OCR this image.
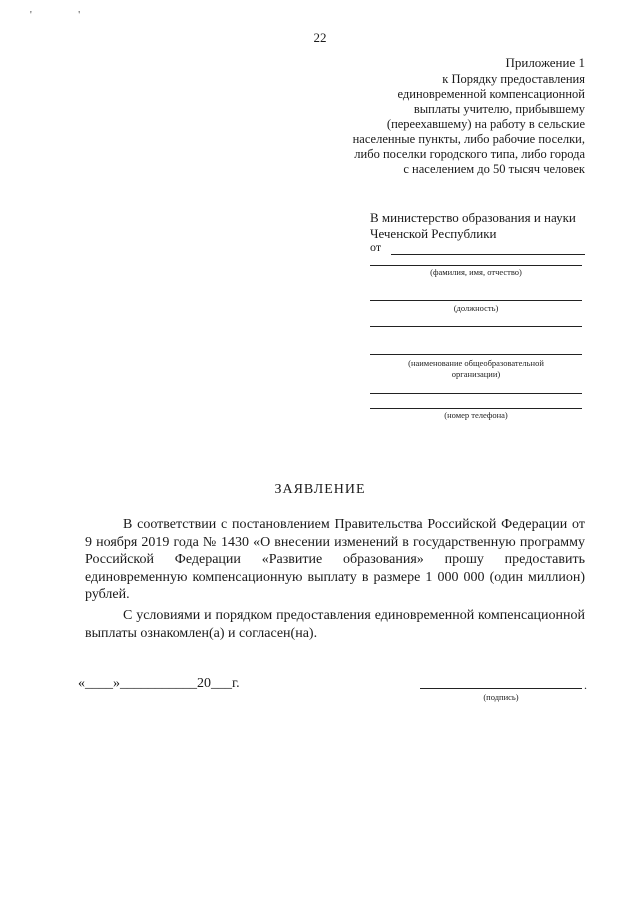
' '
22
Приложение 1
к Порядку предоставления
единовременной компенсационной
выплаты учителю, прибывшему
(переехавшему) на работу в сельские
населенные пункты, либо рабочие поселки,
либо поселки городского типа, либо города
с населением до 50 тысяч человек
В министерство образования и науки
Чеченской Республики
от
(фамилия, имя, отчество)
(должность)
(наименование общеобразовательной
организации)
(номер телефона)
ЗАЯВЛЕНИЕ
В соответствии с постановлением Правительства Российской Федерации от 9 ноября 2019 года № 1430 «О внесении изменений в государственную программу Российской Федерации «Развитие образования» прошу предоставить единовременную компенсационную выплату в размере 1 000 000 (один миллион) рублей.
С условиями и порядком предоставления единовременной компенсационной выплаты ознакомлен(а) и согласен(на).
«____»___________20___г.	.
(подпись)
